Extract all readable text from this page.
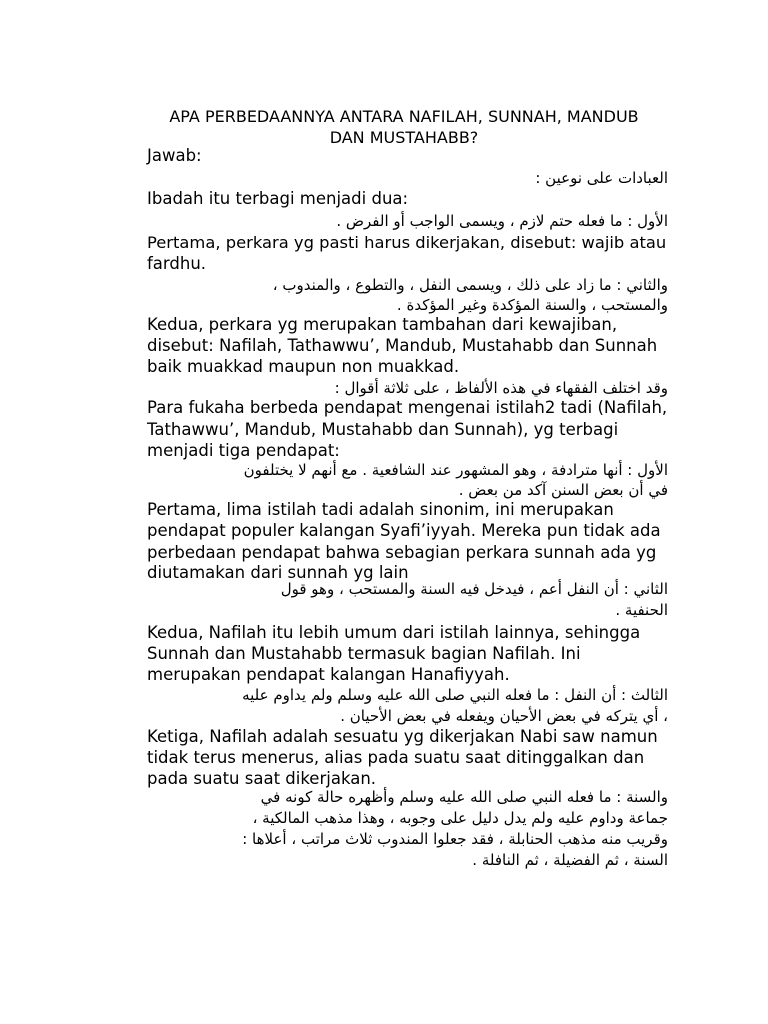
APA PERBEDAANNYA ANTARA NAFILAH, SUNNAH, MANDUB DAN MUSTAHABB?
Jawab:
العبادات على نوعين :
Ibadah itu terbagi menjadi dua:
الأول : ما فعله حتم لازم ، ويسمى الواجب أو الفرض .
Pertama, perkara yg pasti harus dikerjakan, disebut: wajib atau
fardhu.
والثاني : ما زاد على ذلك ، ويسمى النفل ، والتطوع ، والمندوب ،
والمستحب ، والسنة المؤكدة وغير المؤكدة .
Kedua, perkara yg merupakan tambahan dari kewajiban,
disebut: Nafilah, Tathawwu’, Mandub, Mustahabb dan Sunnah
baik muakkad maupun non muakkad.
وقد اختلف الفقهاء في هذه الألفاظ ، على ثلاثة أقوال :
Para fukaha berbeda pendapat mengenai istilah2 tadi (Nafilah,
Tathawwu’, Mandub, Mustahabb dan Sunnah), yg terbagi
menjadi tiga pendapat:
الأول : أنها مترادفة ، وهو المشهور عند الشافعية . مع أنهم لا يختلفون
في أن بعض السنن آكد من بعض .
Pertama, lima istilah tadi adalah sinonim, ini merupakan
pendapat populer kalangan Syafi’iyyah. Mereka pun tidak ada
perbedaan pendapat bahwa sebagian perkara sunnah ada yg
diutamakan dari sunnah yg lain
الثاني : أن النفل أعم ، فيدخل فيه السنة والمستحب ، وهو قول
الحنفية .
Kedua, Nafilah itu lebih umum dari istilah lainnya, sehingga
Sunnah dan Mustahabb termasuk bagian Nafilah. Ini
merupakan pendapat kalangan Hanafiyyah.
الثالث : أن النفل : ما فعله النبي صلى الله عليه وسلم ولم يداوم عليه
، أي يتركه في بعض الأحيان ويفعله في بعض الأحيان .
Ketiga, Nafilah adalah sesuatu yg dikerjakan Nabi saw namun
tidak terus menerus, alias pada suatu saat ditinggalkan dan
pada suatu saat dikerjakan.
والسنة : ما فعله النبي صلى الله عليه وسلم وأظهره حالة كونه في
جماعة وداوم عليه ولم يدل دليل على وجوبه ، وهذا مذهب المالكية ،
وقريب منه مذهب الحنابلة ، فقد جعلوا المندوب ثلاث مراتب ، أعلاها :
السنة ، ثم الفضيلة ، ثم النافلة .
